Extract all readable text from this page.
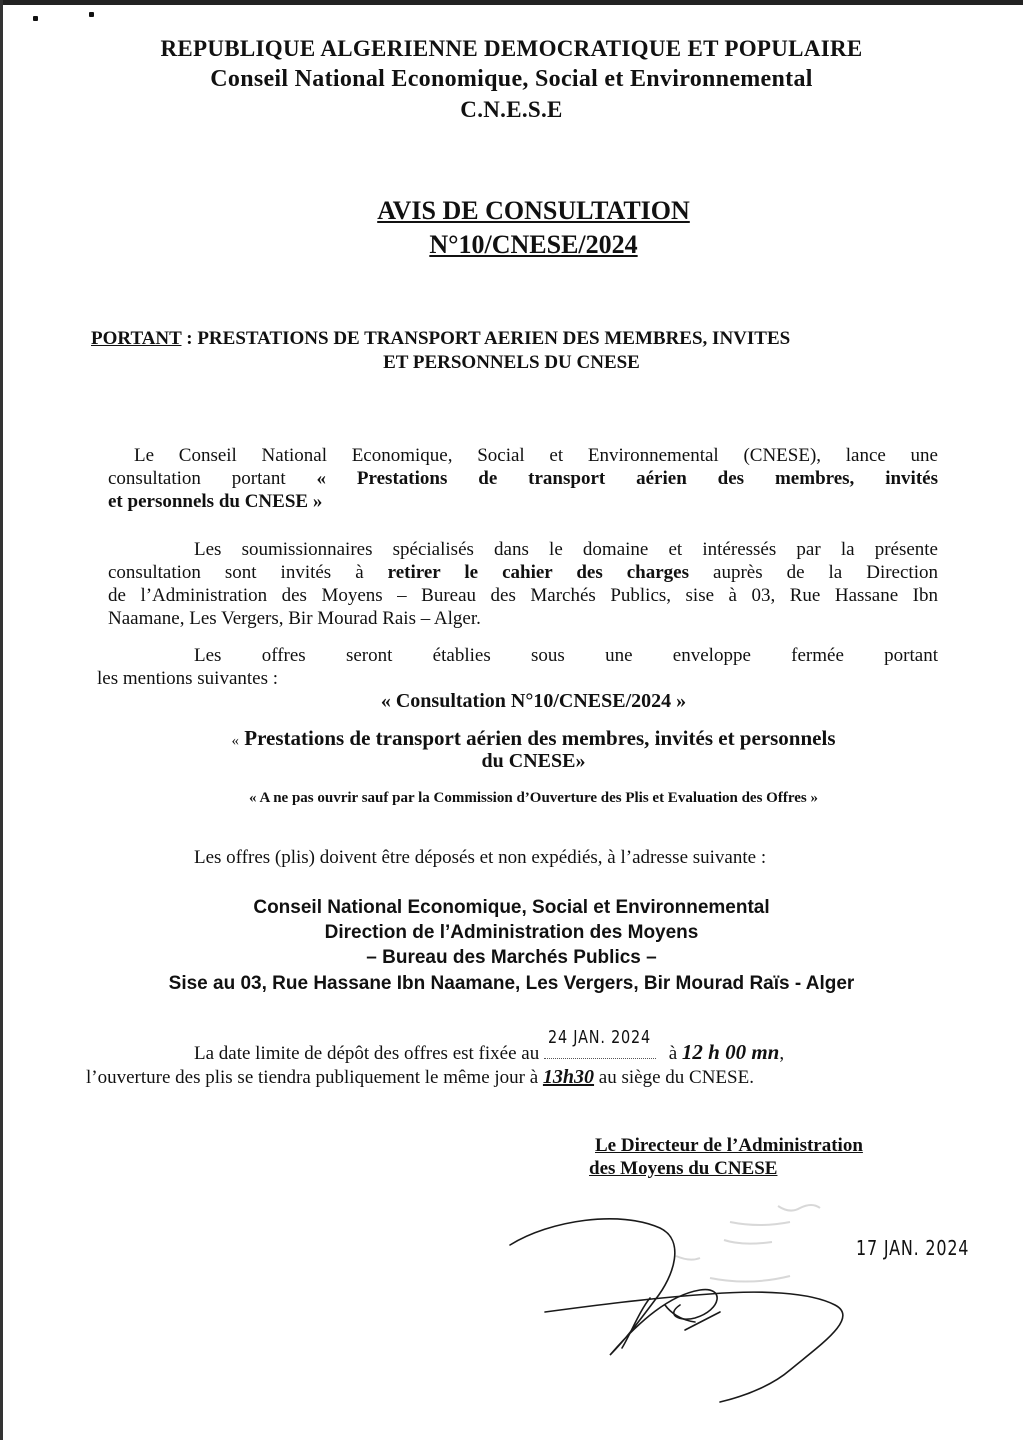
REPUBLIQUE ALGERIENNE DEMOCRATIQUE ET POPULAIRE
Conseil National Economique, Social et Environnemental
C.N.E.S.E
AVIS DE CONSULTATION
N°10/CNESE/2024
PORTANT : PRESTATIONS DE TRANSPORT AERIEN DES MEMBRES, INVITES
ET PERSONNELS DU CNESE
Le Conseil National Economique, Social et Environnemental (CNESE), lance une
consultation portant « Prestations de transport aérien des membres, invités
et personnels du CNESE »
Les soumissionnaires spécialisés dans le domaine et intéressés par la présente
consultation sont invités à retirer le cahier des charges auprès de la Direction
de l’Administration des Moyens – Bureau des Marchés Publics, sise à 03, Rue Hassane Ibn
Naamane, Les Vergers, Bir Mourad Rais – Alger.
Les offres seront établies sous une enveloppe fermée portant
les mentions suivantes :
« Consultation N°10/CNESE/2024 »
« Prestations de transport aérien des membres, invités et personnels
du CNESE»
« A ne pas ouvrir sauf par la Commission d’Ouverture des Plis et Evaluation des Offres »
Les offres (plis) doivent être déposés et non expédiés, à l’adresse suivante :
Conseil National Economique, Social et Environnemental
Direction de l’Administration des Moyens
– Bureau des Marchés Publics –
Sise au 03, Rue Hassane Ibn Naamane, Les Vergers, Bir Mourad Raïs - Alger
La date limite de dépôt des offres est fixée au
24 JAN. 2024
à 12 h 00 mn,
l’ouverture des plis se tiendra publiquement le même jour à 13h30 au siège du CNESE.
Le Directeur de l’Administration
des Moyens du CNESE
17 JAN. 2024
